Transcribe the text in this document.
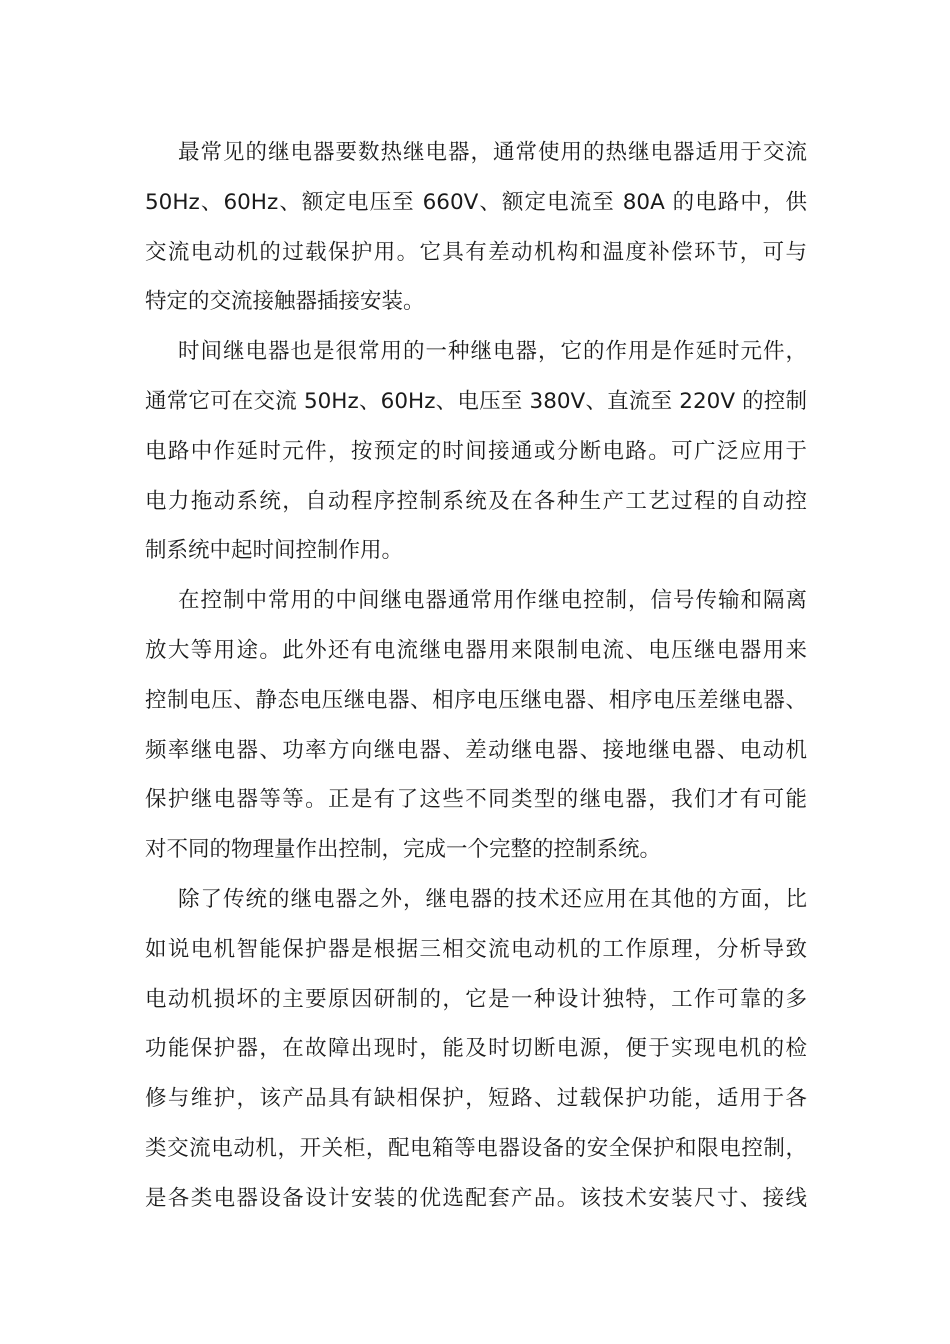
最常见的继电器要数热继电器，通常使用的热继电器适用于交流
50Hz、60Hz、额定电压至 660V、额定电流至 80A 的电路中，供
交流电动机的过载保护用。它具有差动机构和温度补偿环节，可与
特定的交流接触器插接安装。
时间继电器也是很常用的一种继电器，它的作用是作延时元件，
通常它可在交流 50Hz、60Hz、电压至 380V、直流至 220V 的控制
电路中作延时元件，按预定的时间接通或分断电路。可广泛应用于
电力拖动系统，自动程序控制系统及在各种生产工艺过程的自动控
制系统中起时间控制作用。
在控制中常用的中间继电器通常用作继电控制，信号传输和隔离
放大等用途。此外还有电流继电器用来限制电流、电压继电器用来
控制电压、静态电压继电器、相序电压继电器、相序电压差继电器、
频率继电器、功率方向继电器、差动继电器、接地继电器、电动机
保护继电器等等。正是有了这些不同类型的继电器，我们才有可能
对不同的物理量作出控制，完成一个完整的控制系统。
除了传统的继电器之外，继电器的技术还应用在其他的方面，比
如说电机智能保护器是根据三相交流电动机的工作原理，分析导致
电动机损坏的主要原因研制的，它是一种设计独特，工作可靠的多
功能保护器，在故障出现时，能及时切断电源，便于实现电机的检
修与维护，该产品具有缺相保护，短路、过载保护功能，适用于各
类交流电动机，开关柜，配电箱等电器设备的安全保护和限电控制，
是各类电器设备设计安装的优选配套产品。该技术安装尺寸、接线
